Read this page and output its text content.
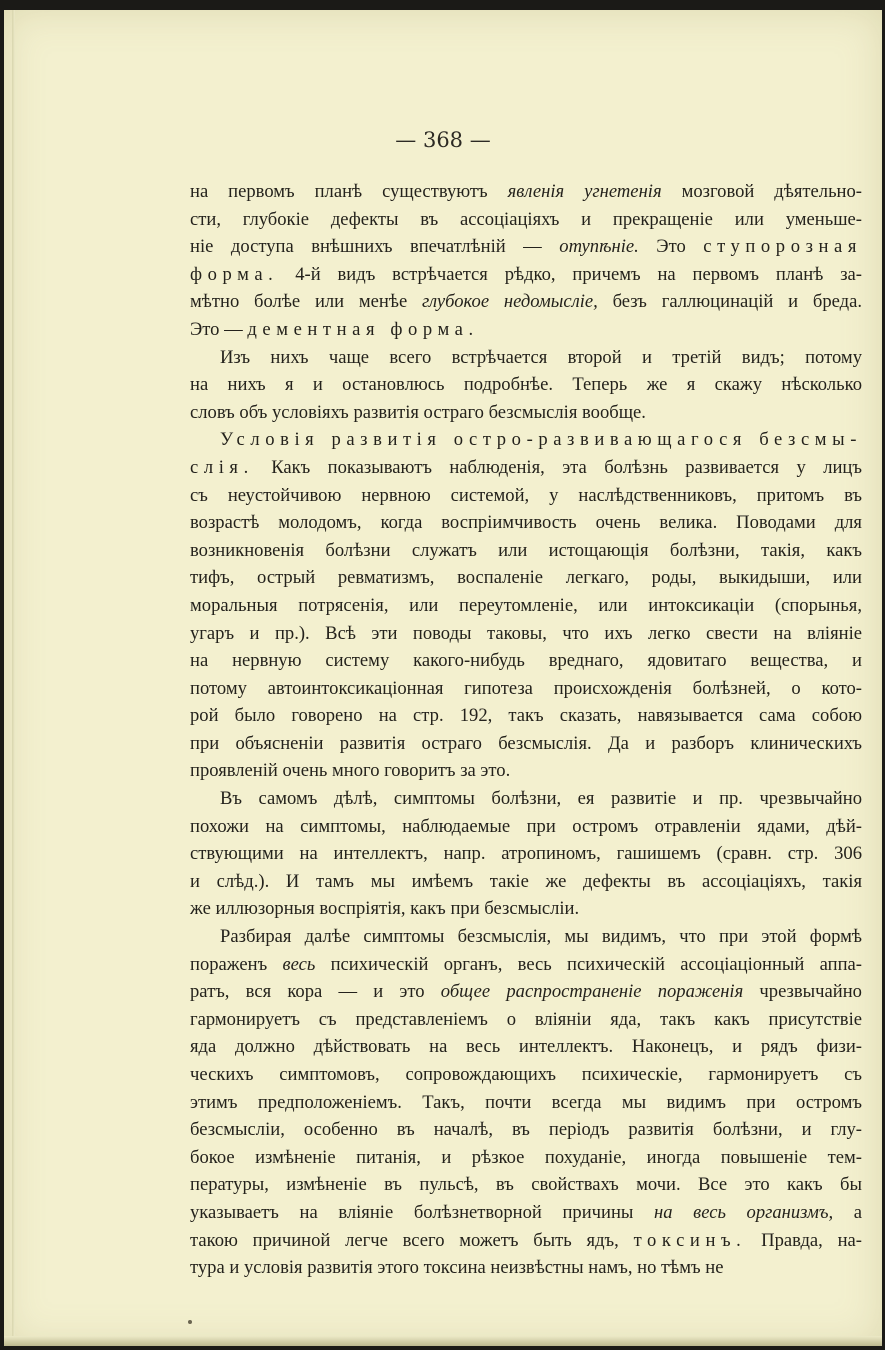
— 368 —
на первомъ планѣ существуютъ явленія угнетенія мозговой дѣятельно-
сти, глубокіе дефекты въ ассоціаціяхъ и прекращеніе или уменьше-
ніе доступа внѣшнихъ впечатлѣній — отупѣніе. Это ступорозная
форма. 4-й видъ встрѣчается рѣдко, причемъ на первомъ планѣ за-
мѣтно болѣе или менѣе глубокое недомысліе, безъ галлюцинацій и бреда.
Это — дементная форма.
Изъ нихъ чаще всего встрѣчается второй и третій видъ; потому
на нихъ я и остановлюсь подробнѣе. Теперь же я скажу нѣсколько
словъ объ условіяхъ развитія остраго безсмыслія вообще.
Условія развитія остро-развивающагося безсмы-
слія. Какъ показываютъ наблюденія, эта болѣзнь развивается у лицъ
съ неустойчивою нервною системой, у наслѣдственниковъ, притомъ въ
возрастѣ молодомъ, когда воспріимчивость очень велика. Поводами для
возникновенія болѣзни служатъ или истощающія болѣзни, такія, какъ
тифъ, острый ревматизмъ, воспаленіе легкаго, роды, выкидыши, или
моральныя потрясенія, или переутомленіе, или интоксикаціи (спорынья,
угаръ и пр.). Всѣ эти поводы таковы, что ихъ легко свести на вліяніе
на нервную систему какого-нибудь вреднаго, ядовитаго вещества, и
потому автоинтоксикаціонная гипотеза происхожденія болѣзней, о кото-
рой было говорено на стр. 192, такъ сказать, навязывается сама собою
при объясненіи развитія остраго безсмыслія. Да и разборъ клиническихъ
проявленій очень много говоритъ за это.
Въ самомъ дѣлѣ, симптомы болѣзни, ея развитіе и пр. чрезвычайно
похожи на симптомы, наблюдаемые при остромъ отравленіи ядами, дѣй-
ствующими на интеллектъ, напр. атропиномъ, гашишемъ (сравн. стр. 306
и слѣд.). И тамъ мы имѣемъ такіе же дефекты въ ассоціаціяхъ, такія
же иллюзорныя воспріятія, какъ при безсмысліи.
Разбирая далѣе симптомы безсмыслія, мы видимъ, что при этой формѣ
пораженъ весь психическій органъ, весь психическій ассоціаціонный аппа-
ратъ, вся кора — и это общее распространеніе пораженія чрезвычайно
гармонируетъ съ представленіемъ о вліяніи яда, такъ какъ присутствіе
яда должно дѣйствовать на весь интеллектъ. Наконецъ, и рядъ физи-
ческихъ симптомовъ, сопровождающихъ психическіе, гармонируетъ съ
этимъ предположеніемъ. Такъ, почти всегда мы видимъ при остромъ
безсмысліи, особенно въ началѣ, въ періодъ развитія болѣзни, и глу-
бокое измѣненіе питанія, и рѣзкое похуданіе, иногда повышеніе тем-
пературы, измѣненіе въ пульсѣ, въ свойствахъ мочи. Все это какъ бы
указываетъ на вліяніе болѣзнетворной причины на весь организмъ, а
такою причиной легче всего можетъ быть ядъ, токсинъ. Правда, на-
тура и условія развитія этого токсина неизвѣстны намъ, но тѣмъ не
